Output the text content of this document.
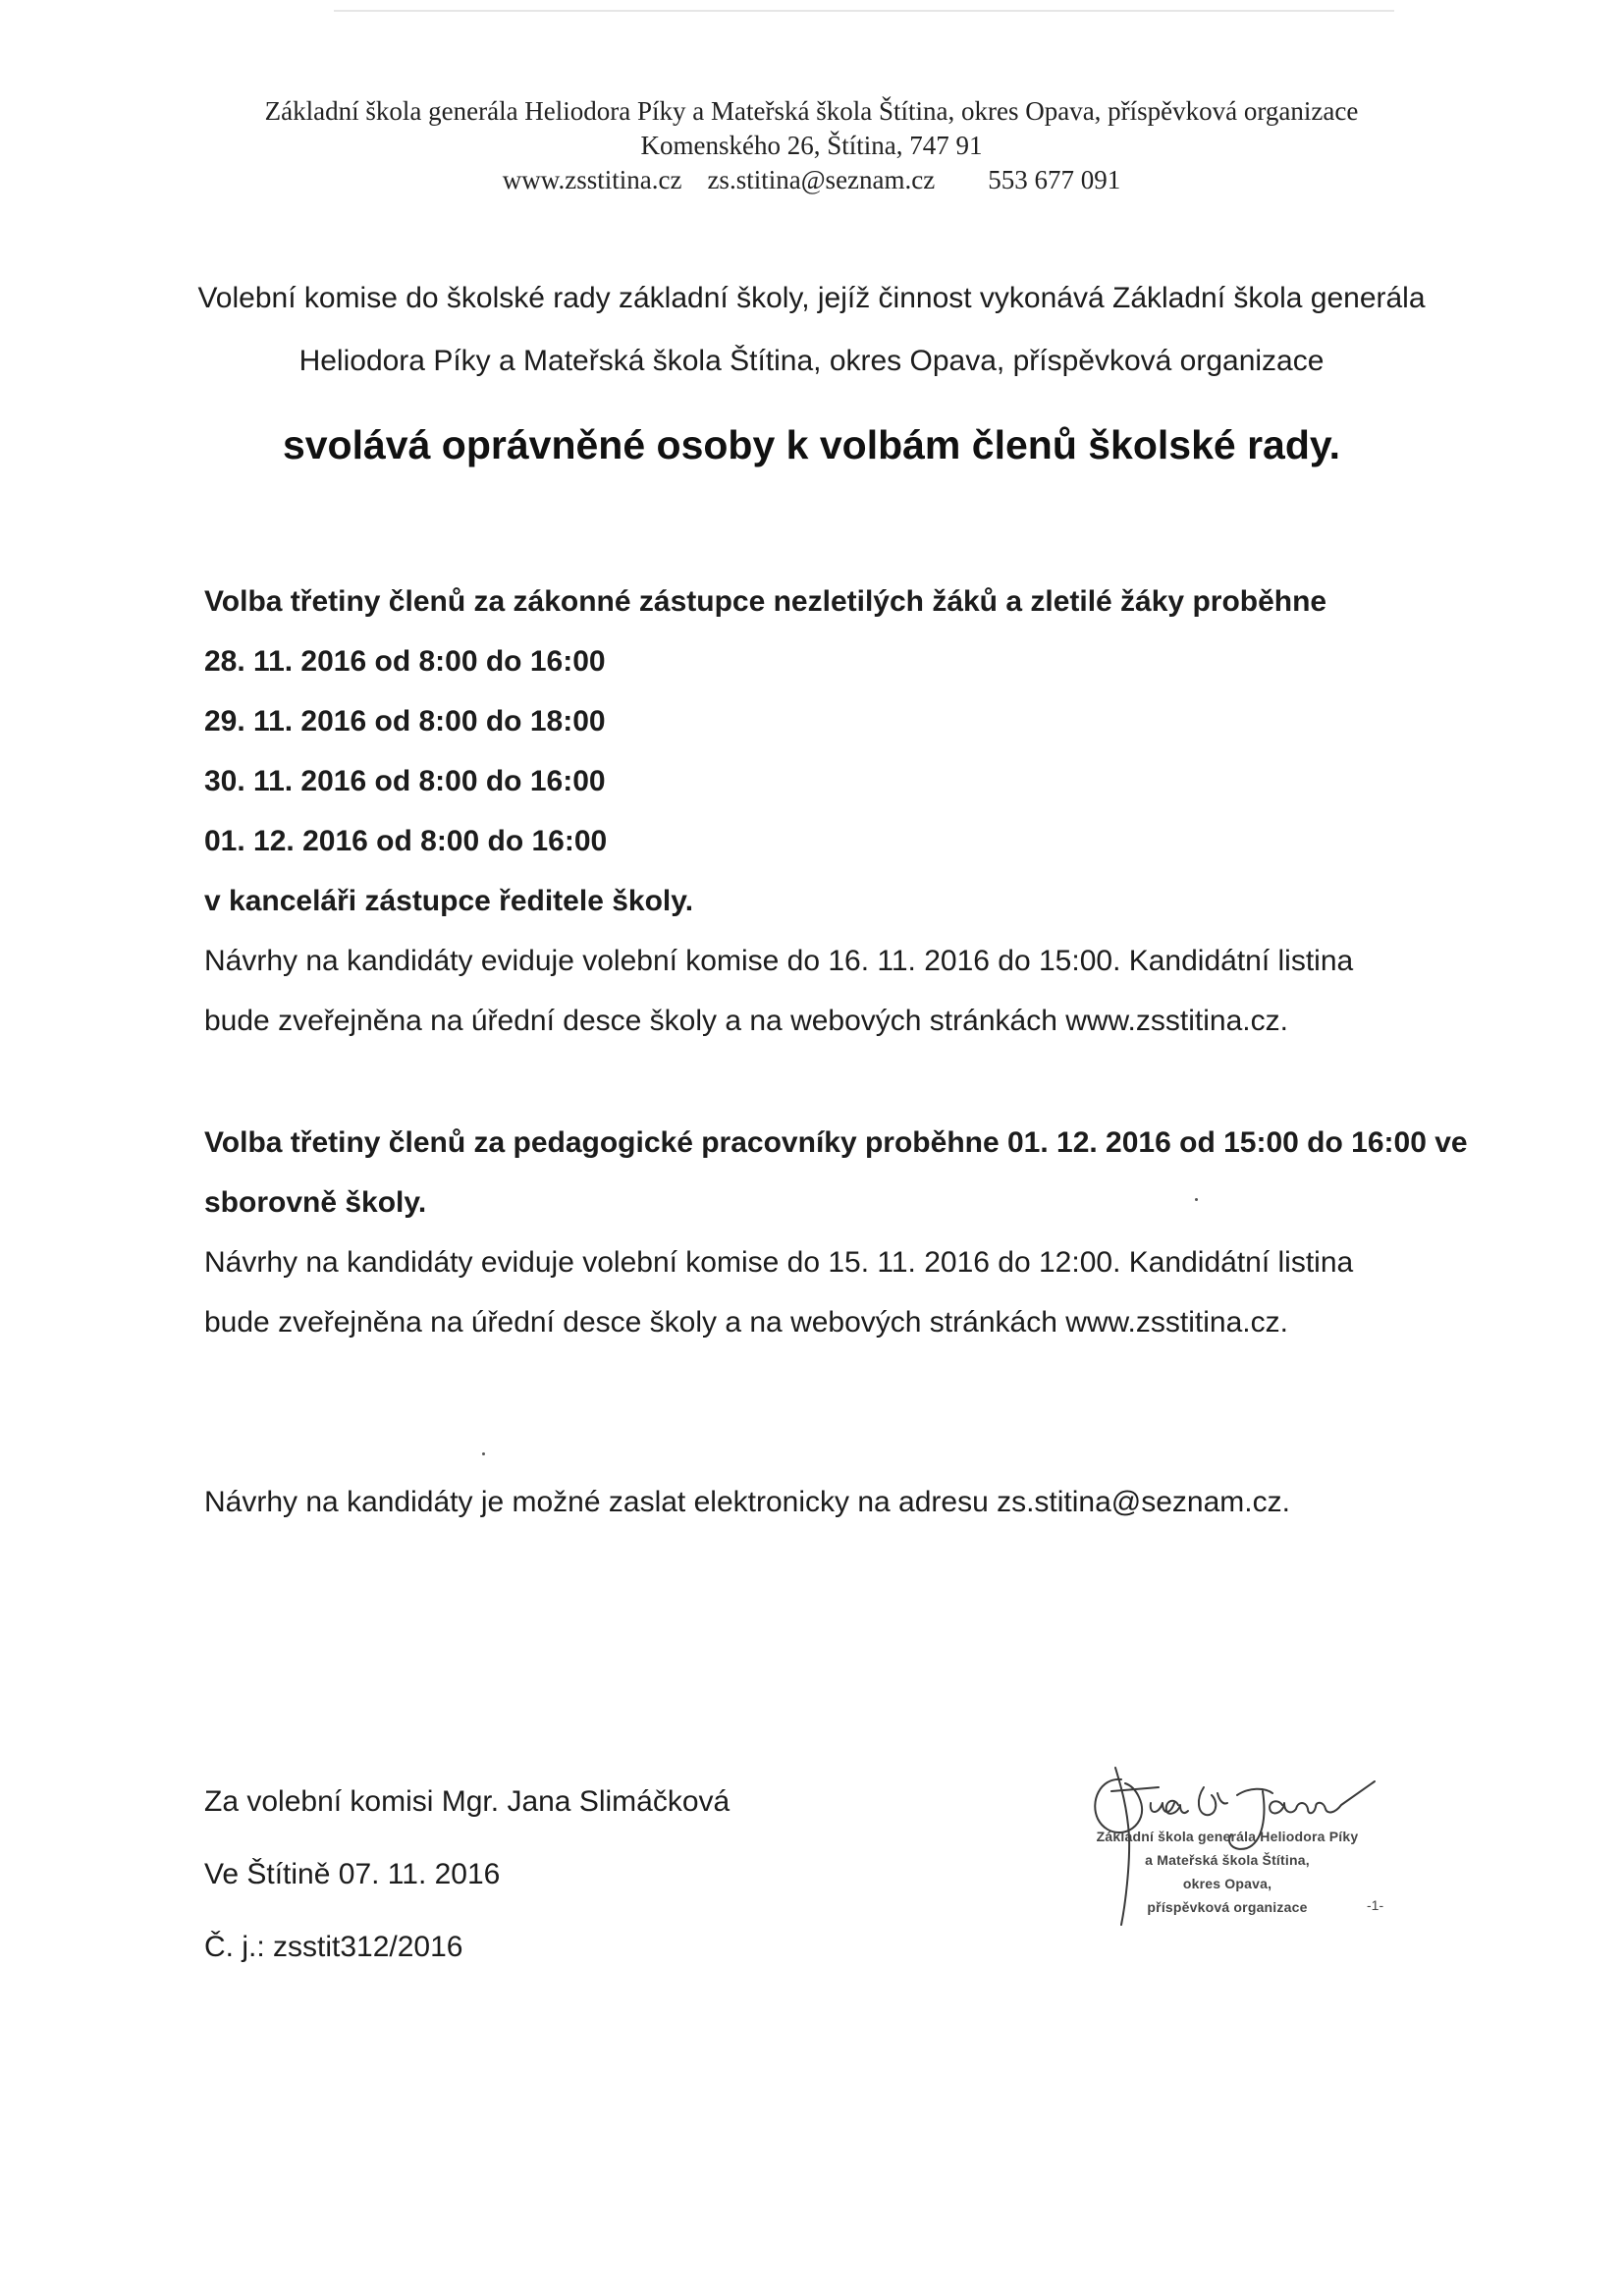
Základní škola generála Heliodora Píky a Mateřská škola Štítina, okres Opava, příspěvková organizace
Komenského 26, Štítina, 747 91
www.zsstitina.cz zs.stitina@seznam.cz 553 677 091
Volební komise do školské rady základní školy, jejíž činnost vykonává Základní škola generála
Heliodora Píky a Mateřská škola Štítina, okres Opava, příspěvková organizace
svolává oprávněné osoby k volbám členů školské rady.
Volba třetiny členů za zákonné zástupce nezletilých žáků a zletilé žáky proběhne
28. 11. 2016 od 8:00 do 16:00
29. 11. 2016 od 8:00 do 18:00
30. 11. 2016 od 8:00 do 16:00
01. 12. 2016 od 8:00 do 16:00
v kanceláři zástupce ředitele školy.
Návrhy na kandidáty eviduje volební komise do 16. 11. 2016 do 15:00. Kandidátní listina
bude zveřejněna na úřední desce školy a na webových stránkách www.zsstitina.cz.
Volba třetiny členů za pedagogické pracovníky proběhne 01. 12. 2016 od 15:00 do 16:00 ve
sborovně školy.
Návrhy na kandidáty eviduje volební komise do 15. 11. 2016 do 12:00. Kandidátní listina
bude zveřejněna na úřední desce školy a na webových stránkách www.zsstitina.cz.
Návrhy na kandidáty je možné zaslat elektronicky na adresu zs.stitina@seznam.cz.
Za volební komisi Mgr. Jana Slimáčková
Ve Štítině 07. 11. 2016
Č. j.: zsstit312/2016
Základní škola generála Heliodora Píky
a Mateřská škola Štítina,
okres Opava,
příspěvková organizace	-1-
